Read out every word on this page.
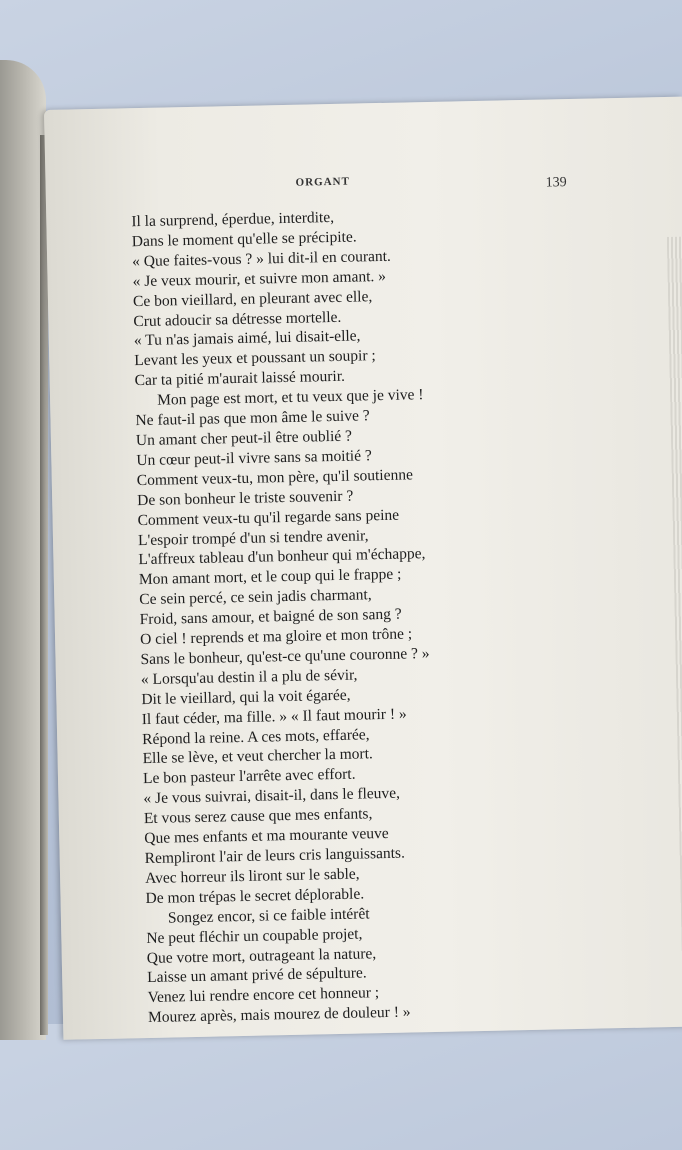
ORGANT	139
Il la surprend, éperdue, interdite,
Dans le moment qu'elle se précipite.
« Que faites-vous ? » lui dit-il en courant.
« Je veux mourir, et suivre mon amant. »
Ce bon vieillard, en pleurant avec elle,
Crut adoucir sa détresse mortelle.
« Tu n'as jamais aimé, lui disait-elle,
Levant les yeux et poussant un soupir ;
Car ta pitié m'aurait laissé mourir.
Mon page est mort, et tu veux que je vive !
Ne faut-il pas que mon âme le suive ?
Un amant cher peut-il être oublié ?
Un cœur peut-il vivre sans sa moitié ?
Comment veux-tu, mon père, qu'il soutienne
De son bonheur le triste souvenir ?
Comment veux-tu qu'il regarde sans peine
L'espoir trompé d'un si tendre avenir,
L'affreux tableau d'un bonheur qui m'échappe,
Mon amant mort, et le coup qui le frappe ;
Ce sein percé, ce sein jadis charmant,
Froid, sans amour, et baigné de son sang ?
O ciel ! reprends et ma gloire et mon trône ;
Sans le bonheur, qu'est-ce qu'une couronne ? »
« Lorsqu'au destin il a plu de sévir,
Dit le vieillard, qui la voit égarée,
Il faut céder, ma fille. » « Il faut mourir ! »
Répond la reine. A ces mots, effarée,
Elle se lève, et veut chercher la mort.
Le bon pasteur l'arrête avec effort.
« Je vous suivrai, disait-il, dans le fleuve,
Et vous serez cause que mes enfants,
Que mes enfants et ma mourante veuve
Rempliront l'air de leurs cris languissants.
Avec horreur ils liront sur le sable,
De mon trépas le secret déplorable.
Songez encor, si ce faible intérêt
Ne peut fléchir un coupable projet,
Que votre mort, outrageant la nature,
Laisse un amant privé de sépulture.
Venez lui rendre encore cet honneur ;
Mourez après, mais mourez de douleur ! »
